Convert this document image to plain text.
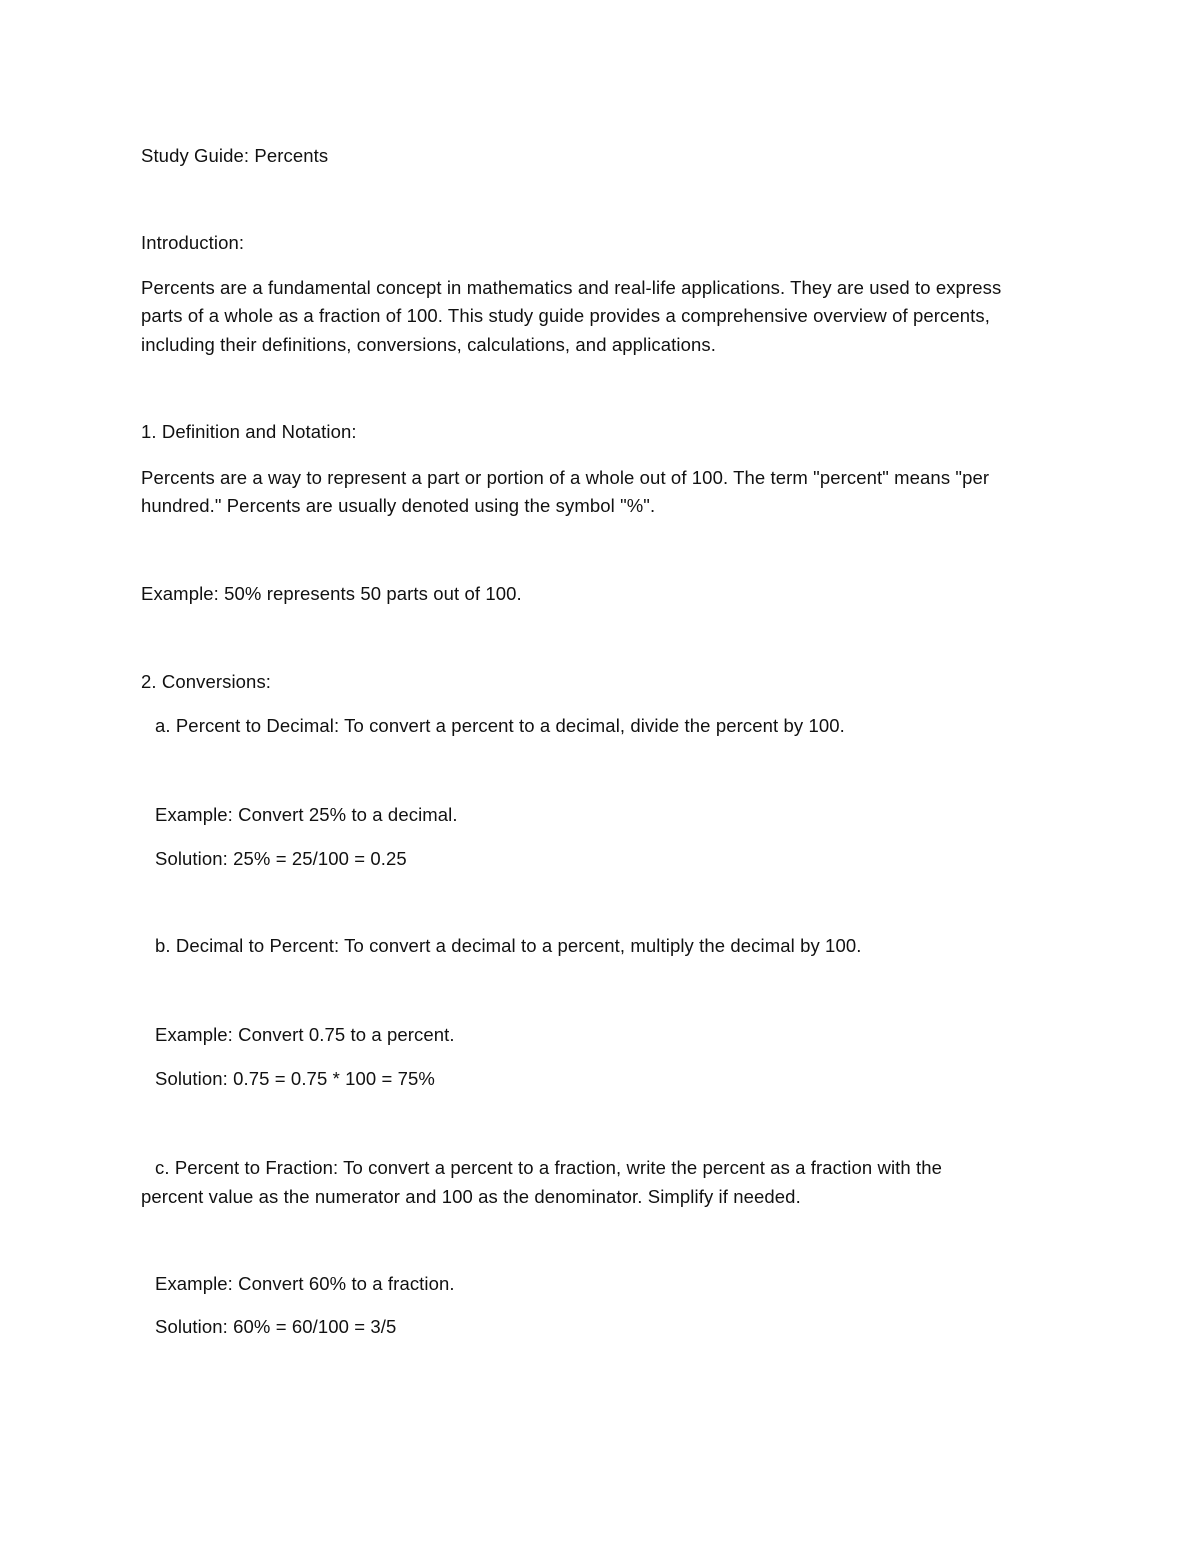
Study Guide: Percents
Introduction:
Percents are a fundamental concept in mathematics and real-life applications. They are used to express
parts of a whole as a fraction of 100. This study guide provides a comprehensive overview of percents,
including their definitions, conversions, calculations, and applications.
1. Definition and Notation:
Percents are a way to represent a part or portion of a whole out of 100. The term "percent" means "per
hundred." Percents are usually denoted using the symbol "%".
Example: 50% represents 50 parts out of 100.
2. Conversions:
a. Percent to Decimal: To convert a percent to a decimal, divide the percent by 100.
Example: Convert 25% to a decimal.
Solution: 25% = 25/100 = 0.25
b. Decimal to Percent: To convert a decimal to a percent, multiply the decimal by 100.
Example: Convert 0.75 to a percent.
Solution: 0.75 = 0.75 * 100 = 75%
c. Percent to Fraction: To convert a percent to a fraction, write the percent as a fraction with the
percent value as the numerator and 100 as the denominator. Simplify if needed.
Example: Convert 60% to a fraction.
Solution: 60% = 60/100 = 3/5
